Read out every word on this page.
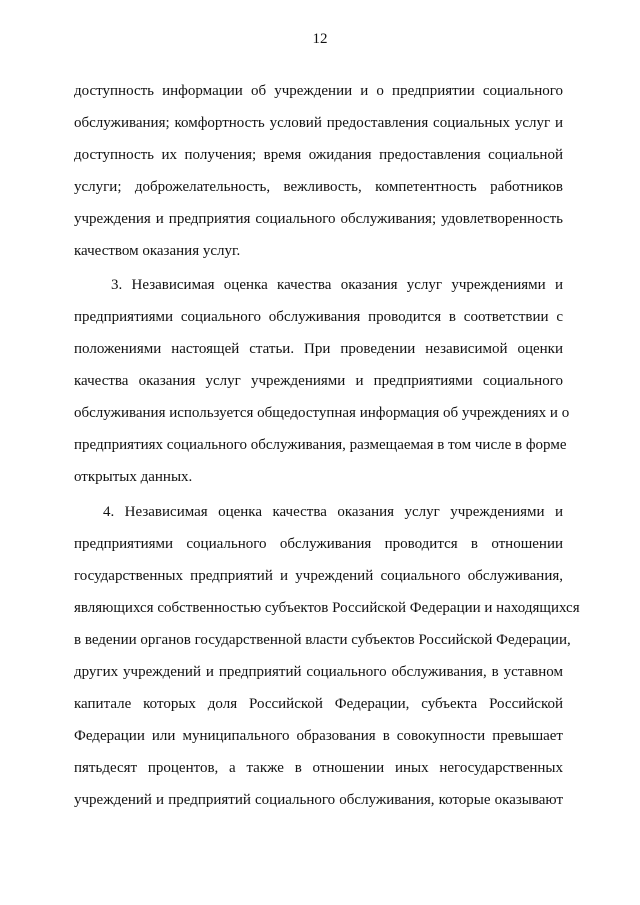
12
доступность информации об учреждении и о предприятии социального
обслуживания; комфортность условий предоставления социальных услуг и
доступность их получения; время ожидания предоставления социальной
услуги; доброжелательность, вежливость, компетентность работников
учреждения и предприятия социального обслуживания; удовлетворенность
качеством оказания услуг.
3. Независимая оценка качества оказания услуг учреждениями и
предприятиями социального обслуживания проводится в соответствии с
положениями настоящей статьи. При проведении независимой оценки
качества оказания услуг учреждениями и предприятиями социального
обслуживания используется общедоступная информация об учреждениях и о
предприятиях социального обслуживания, размещаемая в том числе в форме
открытых данных.
4. Независимая оценка качества оказания услуг учреждениями и
предприятиями социального обслуживания проводится в отношении
государственных предприятий и учреждений социального обслуживания,
являющихся собственностью субъектов Российской Федерации и находящихся
в ведении органов государственной власти субъектов Российской Федерации,
других учреждений и предприятий социального обслуживания, в уставном
капитале которых доля Российской Федерации, субъекта Российской
Федерации или муниципального образования в совокупности превышает
пятьдесят процентов, а также в отношении иных негосударственных
учреждений и предприятий социального обслуживания, которые оказывают
